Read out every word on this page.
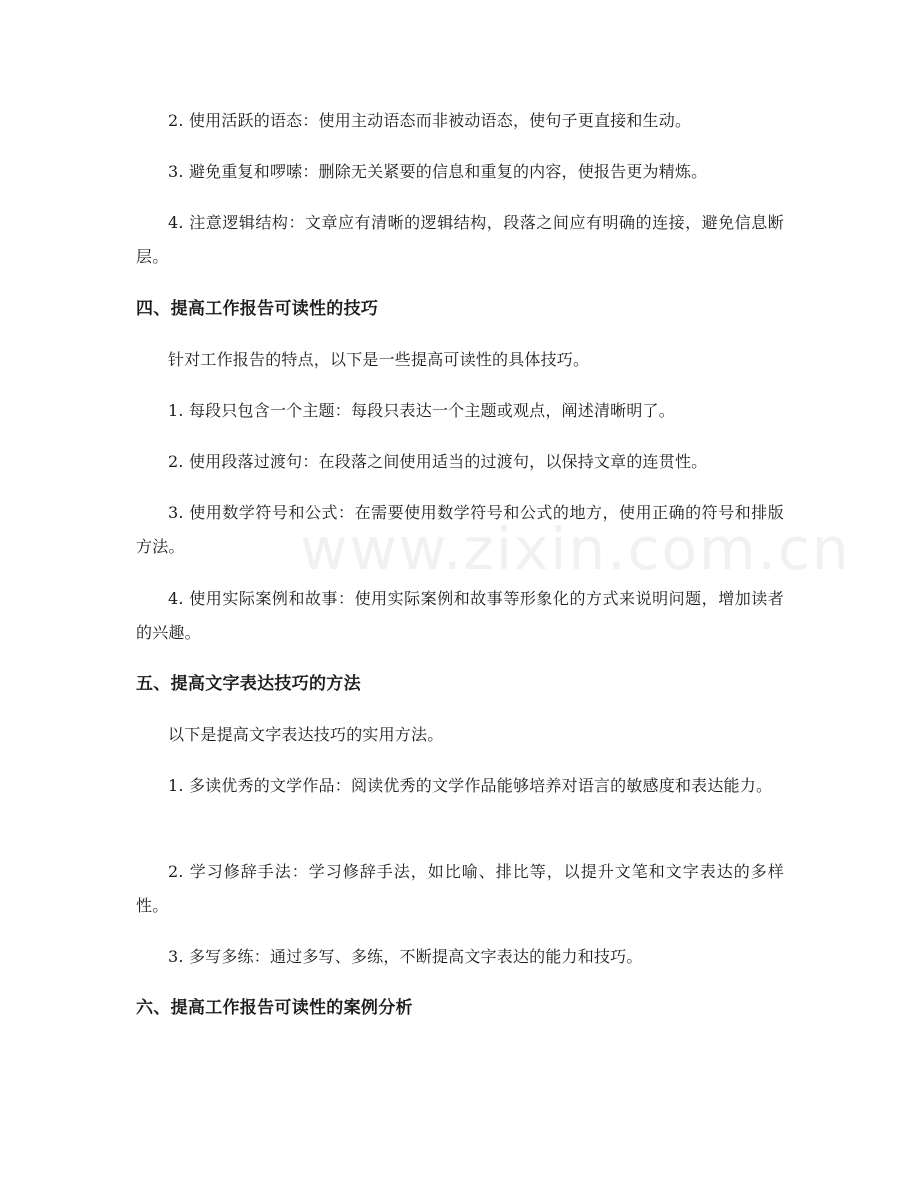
2. 使用活跃的语态：使用主动语态而非被动语态，使句子更直接和生动。

3. 避免重复和啰嗦：删除无关紧要的信息和重复的内容，使报告更为精炼。

4. 注意逻辑结构：文章应有清晰的逻辑结构，段落之间应有明确的连接，避免信息断层。

四、提高工作报告可读性的技巧

针对工作报告的特点，以下是一些提高可读性的具体技巧。

1. 每段只包含一个主题：每段只表达一个主题或观点，阐述清晰明了。

2. 使用段落过渡句：在段落之间使用适当的过渡句，以保持文章的连贯性。

3. 使用数学符号和公式：在需要使用数学符号和公式的地方，使用正确的符号和排版方法。

4. 使用实际案例和故事：使用实际案例和故事等形象化的方式来说明问题，增加读者的兴趣。

五、提高文字表达技巧的方法

以下是提高文字表达技巧的实用方法。

1. 多读优秀的文学作品：阅读优秀的文学作品能够培养对语言的敏感度和表达能力。

2. 学习修辞手法：学习修辞手法，如比喻、排比等，以提升文笔和文字表达的多样性。

3. 多写多练：通过多写、多练，不断提高文字表达的能力和技巧。

六、提高工作报告可读性的案例分析
www.zixin.com.cn
